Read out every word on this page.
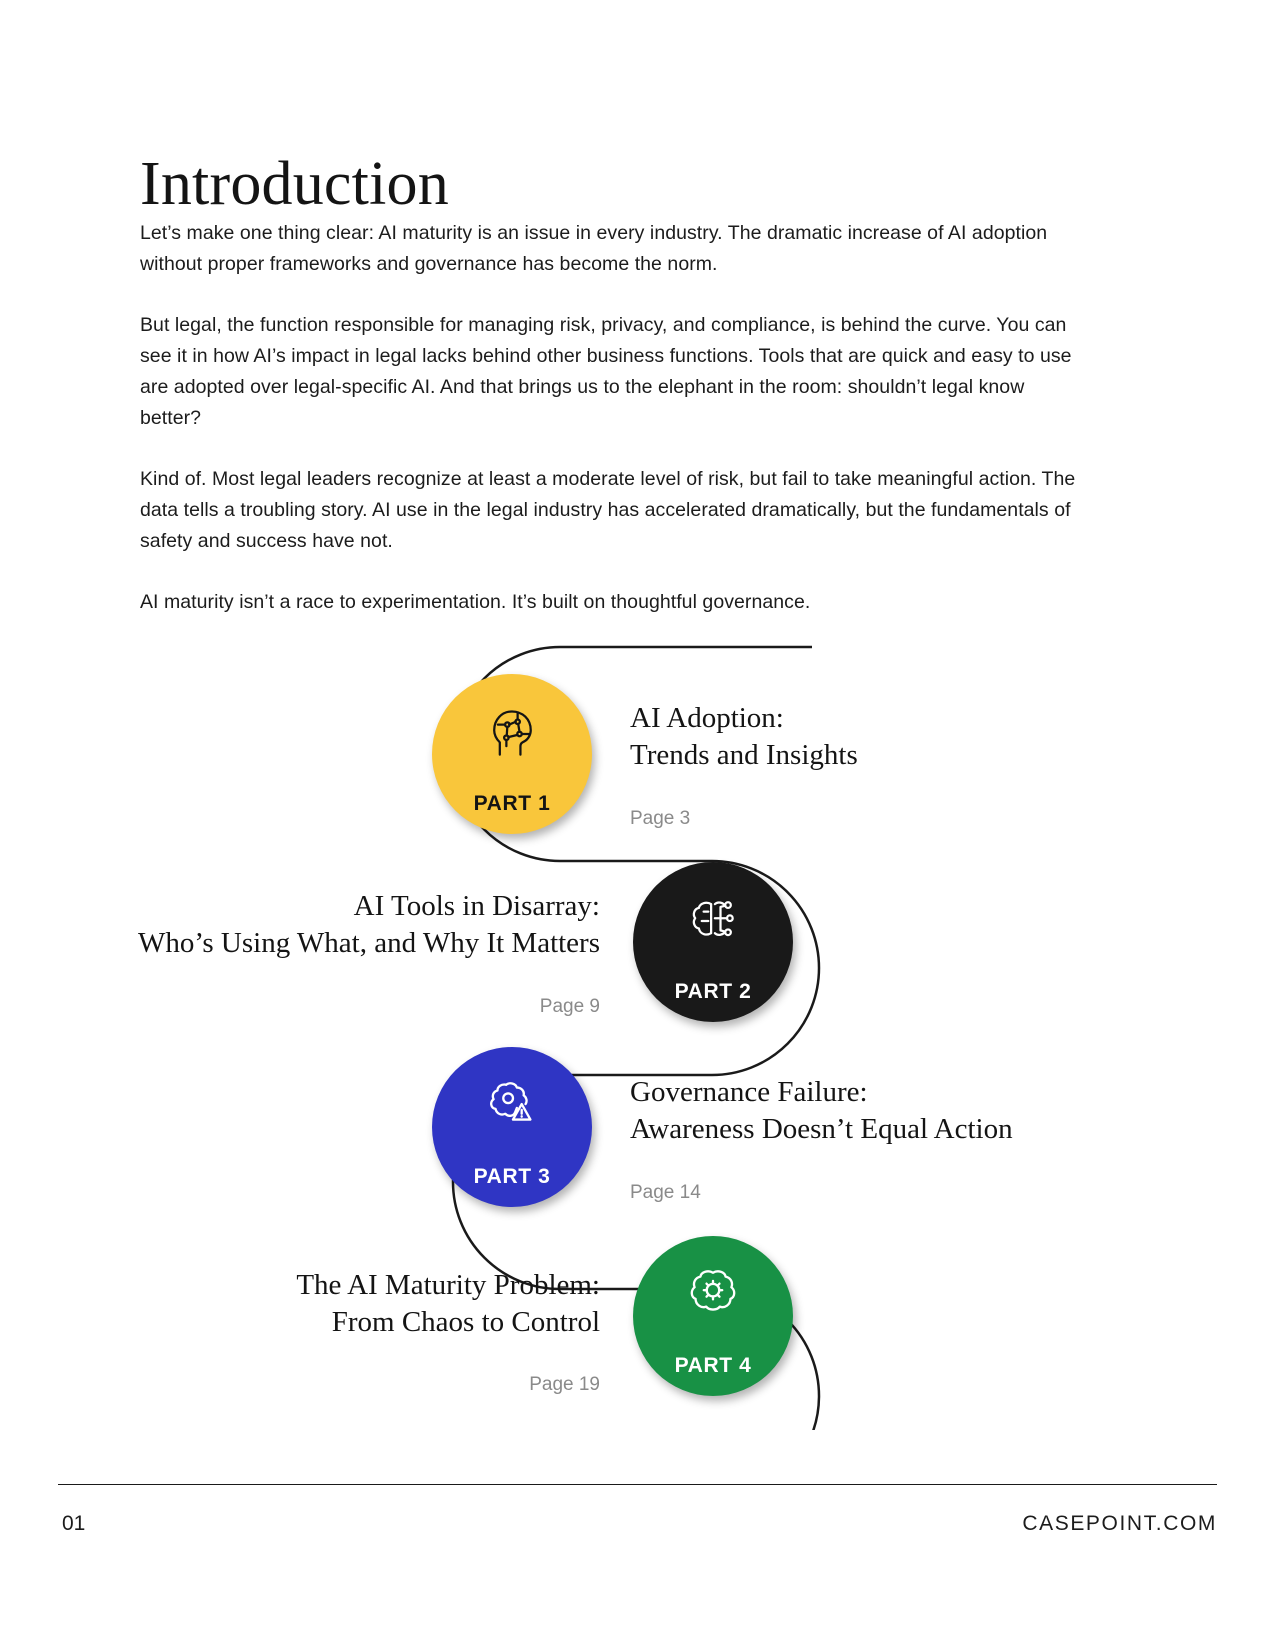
Introduction

Let’s make one thing clear: AI maturity is an issue in every industry. The dramatic increase of AI adoption without proper frameworks and governance has become the norm.

But legal, the function responsible for managing risk, privacy, and compliance, is behind the curve. You can see it in how AI’s impact in legal lacks behind other business functions. Tools that are quick and easy to use are adopted over legal-specific AI. And that brings us to the elephant in the room: shouldn’t legal know better?

Kind of. Most legal leaders recognize at least a moderate level of risk, but fail to take meaningful action. The data tells a troubling story. AI use in the legal industry has accelerated dramatically, but the fundamentals of safety and success have not.

AI maturity isn’t a race to experimentation. It’s built on thoughtful governance.

PART 1
AI Adoption:
Trends and Insights
Page 3
PART 2
AI Tools in Disarray:
Who’s Using What, and Why It Matters
Page 9
PART 3
Governance Failure:
Awareness Doesn’t Equal Action
Page 14
PART 4
The AI Maturity Problem:
From Chaos to Control
Page 19
01	CASEPOINT.COM
